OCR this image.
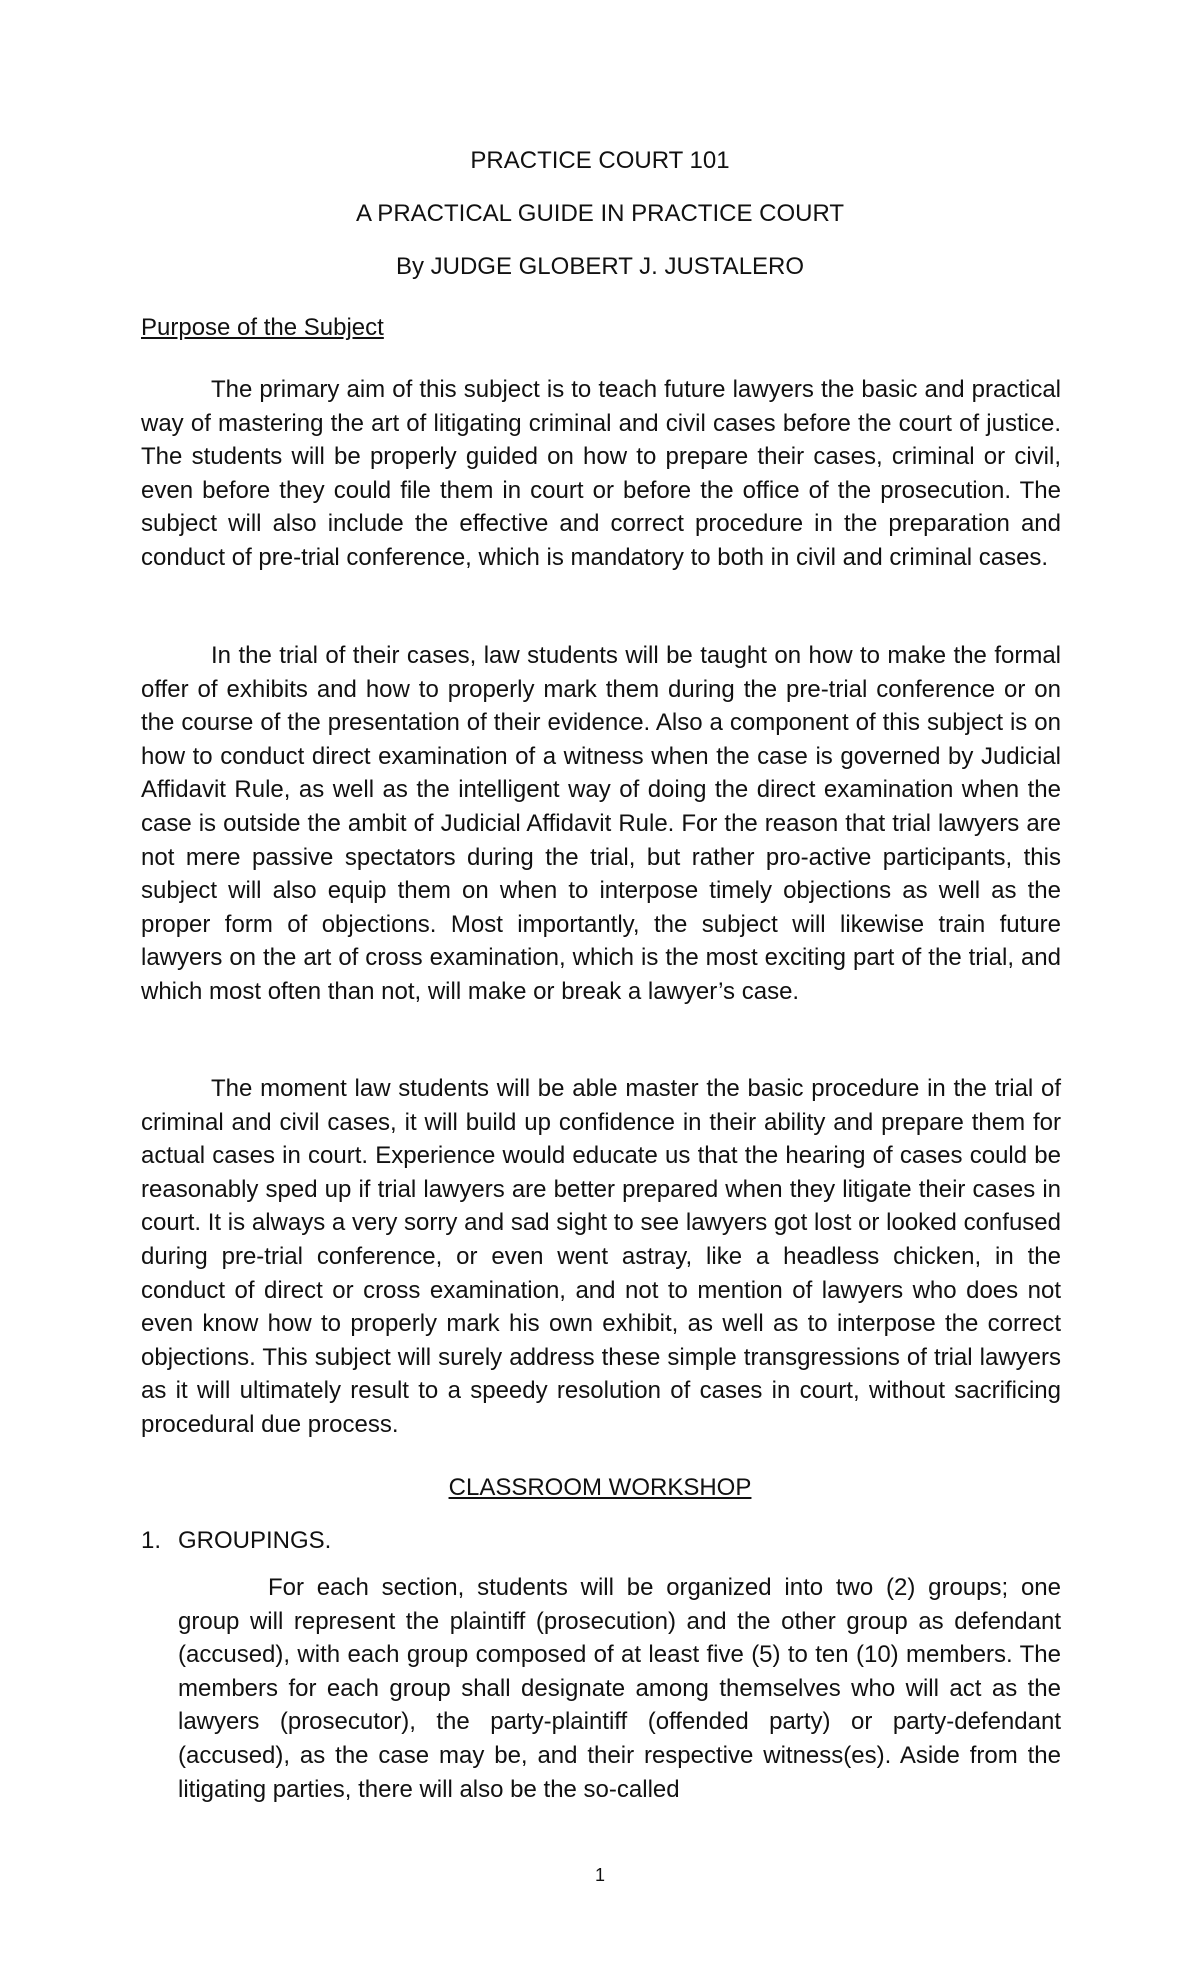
PRACTICE COURT 101

A PRACTICAL GUIDE IN PRACTICE COURT

By JUDGE GLOBERT J. JUSTALERO

Purpose of the Subject

The primary aim of this subject is to teach future lawyers the basic and practical way of mastering the art of litigating criminal and civil cases before the court of justice. The students will be properly guided on how to prepare their cases, criminal or civil, even before they could file them in court or before the office of the prosecution. The subject will also include the effective and correct procedure in the preparation and conduct of pre-trial conference, which is mandatory to both in civil and criminal cases.

In the trial of their cases, law students will be taught on how to make the formal offer of exhibits and how to properly mark them during the pre-trial conference or on the course of the presentation of their evidence. Also a component of this subject is on how to conduct direct examination of a witness when the case is governed by Judicial Affidavit Rule, as well as the intelligent way of doing the direct examination when the case is outside the ambit of Judicial Affidavit Rule. For the reason that trial lawyers are not mere passive spectators during the trial, but rather pro-active participants, this subject will also equip them on when to interpose timely objections as well as the proper form of objections. Most importantly, the subject will likewise train future lawyers on the art of cross examination, which is the most exciting part of the trial, and which most often than not, will make or break a lawyer’s case.

The moment law students will be able master the basic procedure in the trial of criminal and civil cases, it will build up confidence in their ability and prepare them for actual cases in court. Experience would educate us that the hearing of cases could be reasonably sped up if trial lawyers are better prepared when they litigate their cases in court. It is always a very sorry and sad sight to see lawyers got lost or looked confused during pre-trial conference, or even went astray, like a headless chicken, in the conduct of direct or cross examination, and not to mention of lawyers who does not even know how to properly mark his own exhibit, as well as to interpose the correct objections. This subject will surely address these simple transgressions of trial lawyers as it will ultimately result to a speedy resolution of cases in court, without sacrificing procedural due process.

CLASSROOM WORKSHOP

1. GROUPINGS.

For each section, students will be organized into two (2) groups; one group will represent the plaintiff (prosecution) and the other group as defendant (accused), with each group composed of at least five (5) to ten (10) members. The members for each group shall designate among themselves who will act as the lawyers (prosecutor), the party-plaintiff (offended party) or party-defendant (accused), as the case may be, and their respective witness(es). Aside from the litigating parties, there will also be the so-called

1
